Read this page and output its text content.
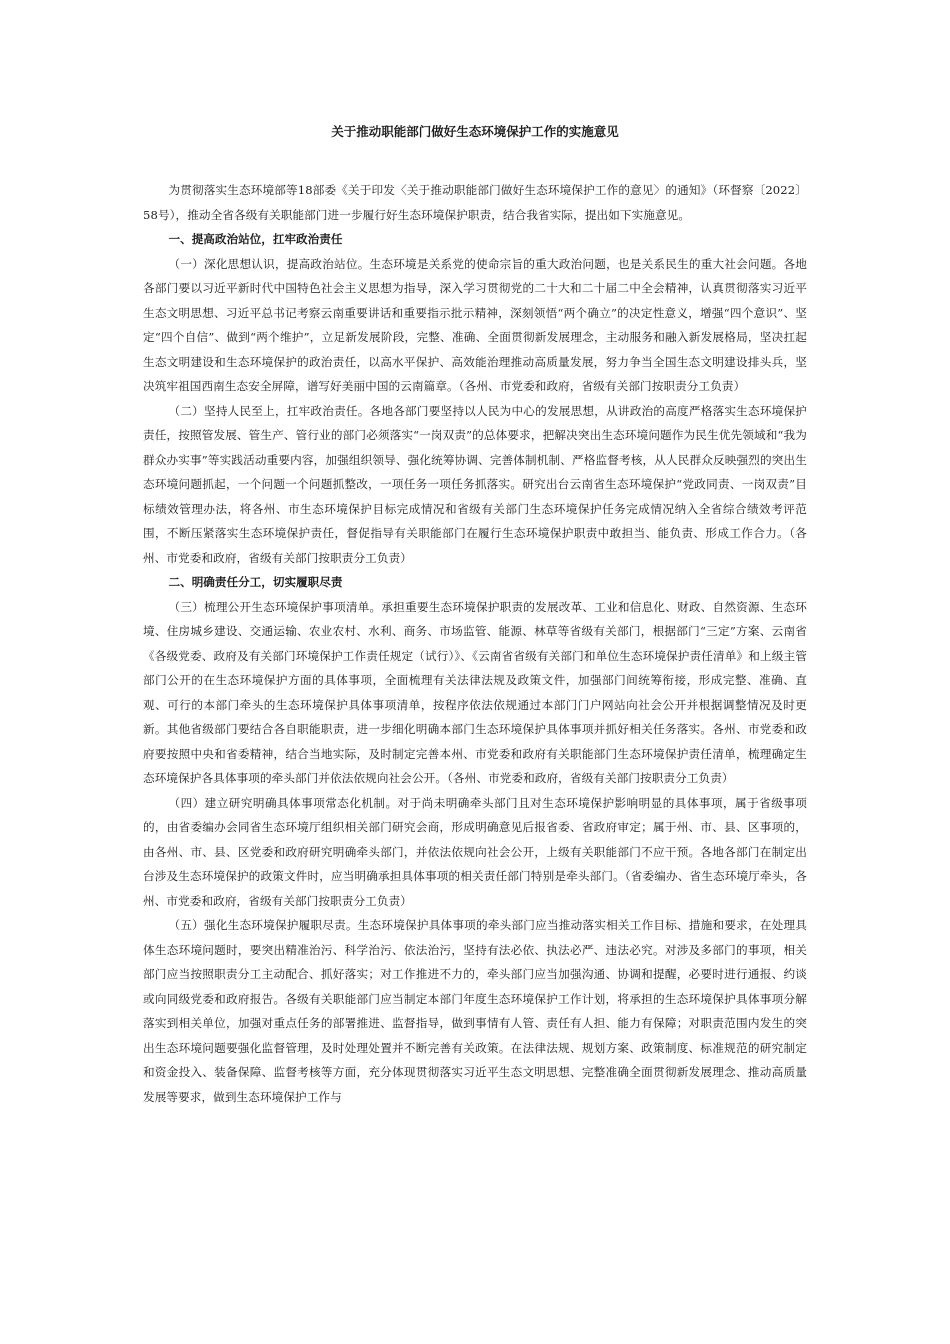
关于推动职能部门做好生态环境保护工作的实施意见

为贯彻落实生态环境部等18部委《关于印发〈关于推动职能部门做好生态环境保护工作的意见〉的通知》（环督察〔2022〕58号），推动全省各级有关职能部门进一步履行好生态环境保护职责，结合我省实际，提出如下实施意见。

一、提高政治站位，扛牢政治责任

（一）深化思想认识，提高政治站位。生态环境是关系党的使命宗旨的重大政治问题，也是关系民生的重大社会问题。各地各部门要以习近平新时代中国特色社会主义思想为指导，深入学习贯彻党的二十大和二十届二中全会精神，认真贯彻落实习近平生态文明思想、习近平总书记考察云南重要讲话和重要指示批示精神，深刻领悟“两个确立”的决定性意义，增强“四个意识”、坚定“四个自信”、做到“两个维护”，立足新发展阶段，完整、准确、全面贯彻新发展理念，主动服务和融入新发展格局，坚决扛起生态文明建设和生态环境保护的政治责任，以高水平保护、高效能治理推动高质量发展，努力争当全国生态文明建设排头兵，坚决筑牢祖国西南生态安全屏障，谱写好美丽中国的云南篇章。（各州、市党委和政府，省级有关部门按职责分工负责）

（二）坚持人民至上，扛牢政治责任。各地各部门要坚持以人民为中心的发展思想，从讲政治的高度严格落实生态环境保护责任，按照管发展、管生产、管行业的部门必须落实“一岗双责”的总体要求，把解决突出生态环境问题作为民生优先领域和“我为群众办实事”等实践活动重要内容，加强组织领导、强化统筹协调、完善体制机制、严格监督考核，从人民群众反映强烈的突出生态环境问题抓起，一个问题一个问题抓整改，一项任务一项任务抓落实。研究出台云南省生态环境保护“党政同责、一岗双责”目标绩效管理办法，将各州、市生态环境保护目标完成情况和省级有关部门生态环境保护任务完成情况纳入全省综合绩效考评范围，不断压紧落实生态环境保护责任，督促指导有关职能部门在履行生态环境保护职责中敢担当、能负责、形成工作合力。（各州、市党委和政府，省级有关部门按职责分工负责）

二、明确责任分工，切实履职尽责

（三）梳理公开生态环境保护事项清单。承担重要生态环境保护职责的发展改革、工业和信息化、财政、自然资源、生态环境、住房城乡建设、交通运输、农业农村、水利、商务、市场监管、能源、林草等省级有关部门，根据部门“三定”方案、云南省《各级党委、政府及有关部门环境保护工作责任规定（试行）》、《云南省省级有关部门和单位生态环境保护责任清单》和上级主管部门公开的在生态环境保护方面的具体事项，全面梳理有关法律法规及政策文件，加强部门间统筹衔接，形成完整、准确、直观、可行的本部门牵头的生态环境保护具体事项清单，按程序依法依规通过本部门门户网站向社会公开并根据调整情况及时更新。其他省级部门要结合各自职能职责，进一步细化明确本部门生态环境保护具体事项并抓好相关任务落实。各州、市党委和政府要按照中央和省委精神，结合当地实际，及时制定完善本州、市党委和政府有关职能部门生态环境保护责任清单，梳理确定生态环境保护各具体事项的牵头部门并依法依规向社会公开。（各州、市党委和政府，省级有关部门按职责分工负责）

（四）建立研究明确具体事项常态化机制。对于尚未明确牵头部门且对生态环境保护影响明显的具体事项，属于省级事项的，由省委编办会同省生态环境厅组织相关部门研究会商，形成明确意见后报省委、省政府审定；属于州、市、县、区事项的，由各州、市、县、区党委和政府研究明确牵头部门，并依法依规向社会公开，上级有关职能部门不应干预。各地各部门在制定出台涉及生态环境保护的政策文件时，应当明确承担具体事项的相关责任部门特别是牵头部门。（省委编办、省生态环境厅牵头，各州、市党委和政府，省级有关部门按职责分工负责）

（五）强化生态环境保护履职尽责。生态环境保护具体事项的牵头部门应当推动落实相关工作目标、措施和要求，在处理具体生态环境问题时，要突出精准治污、科学治污、依法治污，坚持有法必依、执法必严、违法必究。对涉及多部门的事项，相关部门应当按照职责分工主动配合、抓好落实；对工作推进不力的，牵头部门应当加强沟通、协调和提醒，必要时进行通报、约谈或向同级党委和政府报告。各级有关职能部门应当制定本部门年度生态环境保护工作计划，将承担的生态环境保护具体事项分解落实到相关单位，加强对重点任务的部署推进、监督指导，做到事情有人管、责任有人担、能力有保障；对职责范围内发生的突出生态环境问题要强化监督管理，及时处理处置并不断完善有关政策。在法律法规、规划方案、政策制度、标准规范的研究制定和资金投入、装备保障、监督考核等方面，充分体现贯彻落实习近平生态文明思想、完整准确全面贯彻新发展理念、推动高质量发展等要求，做到生态环境保护工作与
